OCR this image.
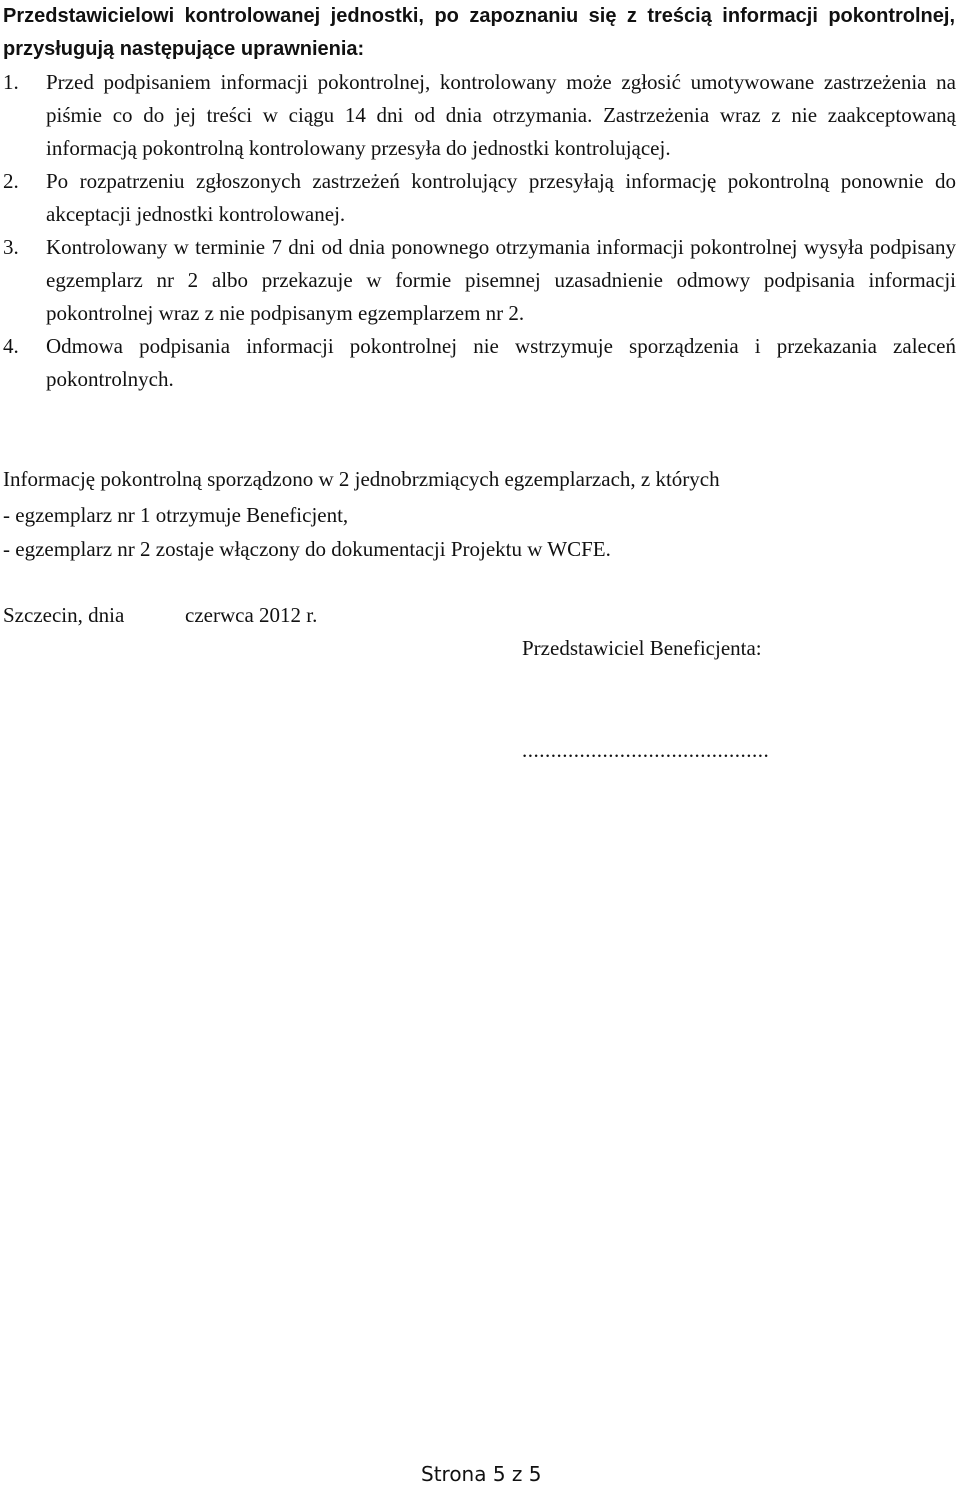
Przedstawicielowi kontrolowanej jednostki, po zapoznaniu się z treścią informacji pokontrolnej, przysługują następujące uprawnienia:
1. Przed podpisaniem informacji pokontrolnej, kontrolowany może zgłosić umotywowane zastrzeżenia na piśmie co do jej treści w ciągu 14 dni od dnia otrzymania. Zastrzeżenia wraz z nie zaakceptowaną informacją pokontrolną kontrolowany przesyła do jednostki kontrolującej.
2. Po rozpatrzeniu zgłoszonych zastrzeżeń kontrolujący przesyłają informację pokontrolną ponownie do akceptacji jednostki kontrolowanej.
3. Kontrolowany w terminie 7 dni od dnia ponownego otrzymania informacji pokontrolnej wysyła podpisany egzemplarz nr 2 albo przekazuje w formie pisemnej uzasadnienie odmowy podpisania informacji pokontrolnej wraz z nie podpisanym egzemplarzem nr 2.
4. Odmowa podpisania informacji pokontrolnej nie wstrzymuje sporządzenia i przekazania zaleceń pokontrolnych.
Informację pokontrolną sporządzono w 2 jednobrzmiących egzemplarzach, z których
- egzemplarz nr 1 otrzymuje Beneficjent,
- egzemplarz nr 2 zostaje włączony do dokumentacji Projektu w WCFE.
Szczecin, dnia	czerwca 2012 r.
Przedstawiciel Beneficjenta:
...........................................
Strona 5 z 5
